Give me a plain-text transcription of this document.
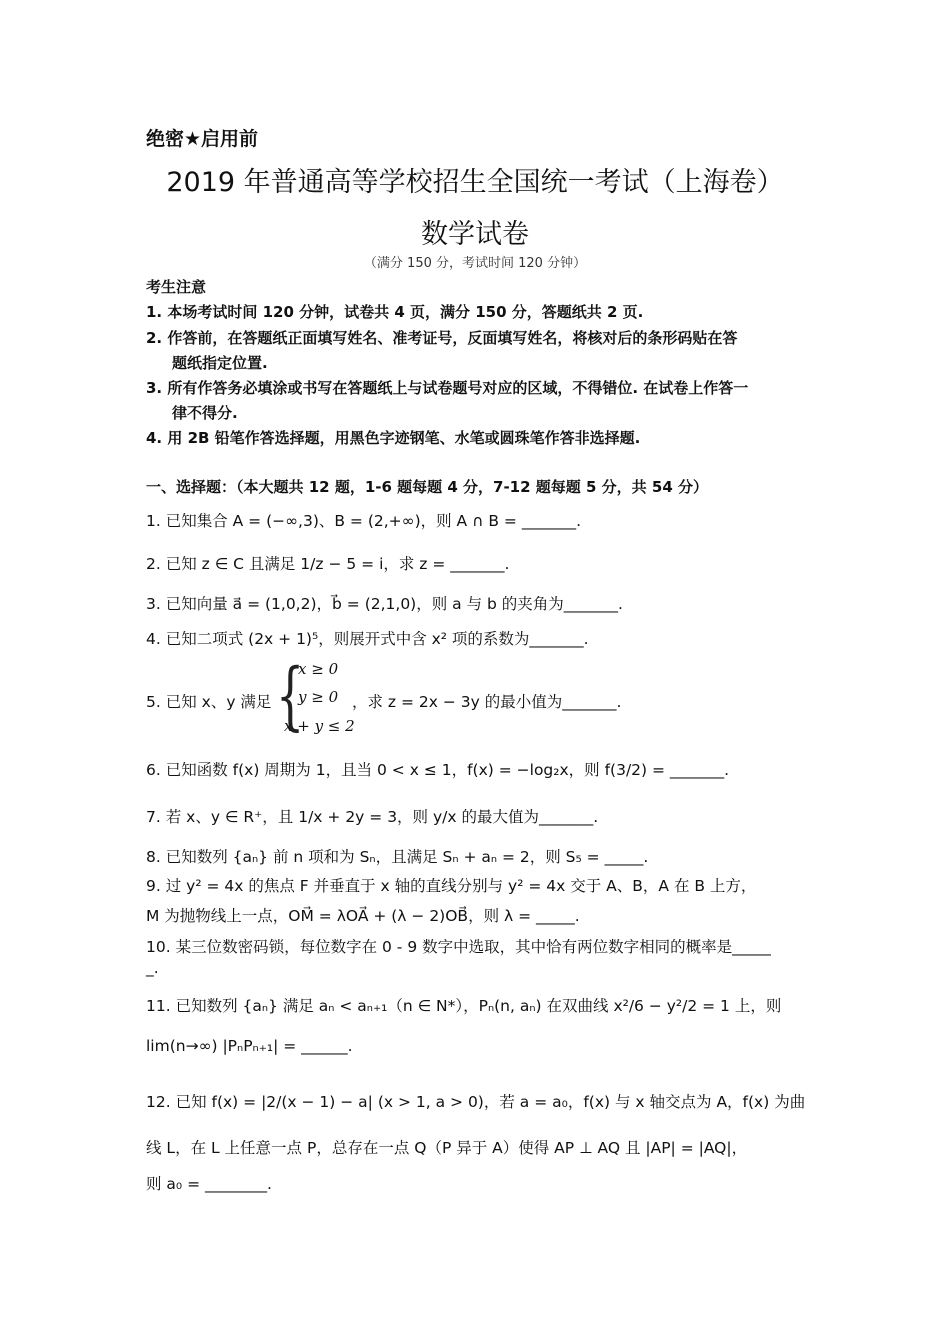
绝密★启用前
2019 年普通高等学校招生全国统一考试（上海卷）
数学试卷
（满分 150 分，考试时间 120 分钟）
考生注意
1. 本场考试时间 120 分钟，试卷共 4 页，满分 150 分，答题纸共 2 页.
2. 作答前，在答题纸正面填写姓名、准考证号，反面填写姓名，将核对后的条形码贴在答
题纸指定位置.
3. 所有作答务必填涂或书写在答题纸上与试卷题号对应的区域，不得错位. 在试卷上作答一
律不得分.
4. 用 2B 铅笔作答选择题，用黑色字迹钢笔、水笔或圆珠笔作答非选择题.
一、选择题：（本大题共 12 题，1-6 题每题 4 分，7-12 题每题 5 分，共 54 分）
1. 已知集合 A = (−∞,3)、B = (2,+∞)，则 A ∩ B = _______.
2. 已知 z ∈ C 且满足 1/z − 5 = i，求 z = _______.
3. 已知向量 a⃗ = (1,0,2)，b⃗ = (2,1,0)，则 a 与 b 的夹角为_______.
4. 已知二项式 (2x + 1)⁵，则展开式中含 x² 项的系数为_______.
5. 已知 x、y 满足 {
x ≥ 0
y ≥ 0
x + y ≤ 2
，求 z = 2x − 3y 的最小值为_______.
6. 已知函数 f(x) 周期为 1，且当 0 < x ≤ 1，f(x) = −log₂x，则 f(3/2) = _______.
7. 若 x、y ∈ R⁺，且 1/x + 2y = 3，则 y/x 的最大值为_______.
8. 已知数列 {aₙ} 前 n 项和为 Sₙ，且满足 Sₙ + aₙ = 2，则 S₅ = _____.
9. 过 y² = 4x 的焦点 F 并垂直于 x 轴的直线分别与 y² = 4x 交于 A、B，A 在 B 上方，
M 为抛物线上一点，OM⃗ = λOA⃗ + (λ − 2)OB⃗，则 λ = _____.
10. 某三位数密码锁，每位数字在 0 - 9 数字中选取，其中恰有两位数字相同的概率是_____
_.
11. 已知数列 {aₙ} 满足 aₙ < aₙ₊₁（n ∈ N*），Pₙ(n, aₙ) 在双曲线 x²/6 − y²/2 = 1 上，则
lim(n→∞) |PₙPₙ₊₁| = ______.
12. 已知 f(x) = |2/(x − 1) − a| (x > 1, a > 0)，若 a = a₀，f(x) 与 x 轴交点为 A，f(x) 为曲
线 L，在 L 上任意一点 P，总存在一点 Q（P 异于 A）使得 AP ⊥ AQ 且 |AP| = |AQ|，
则 a₀ = ________.
